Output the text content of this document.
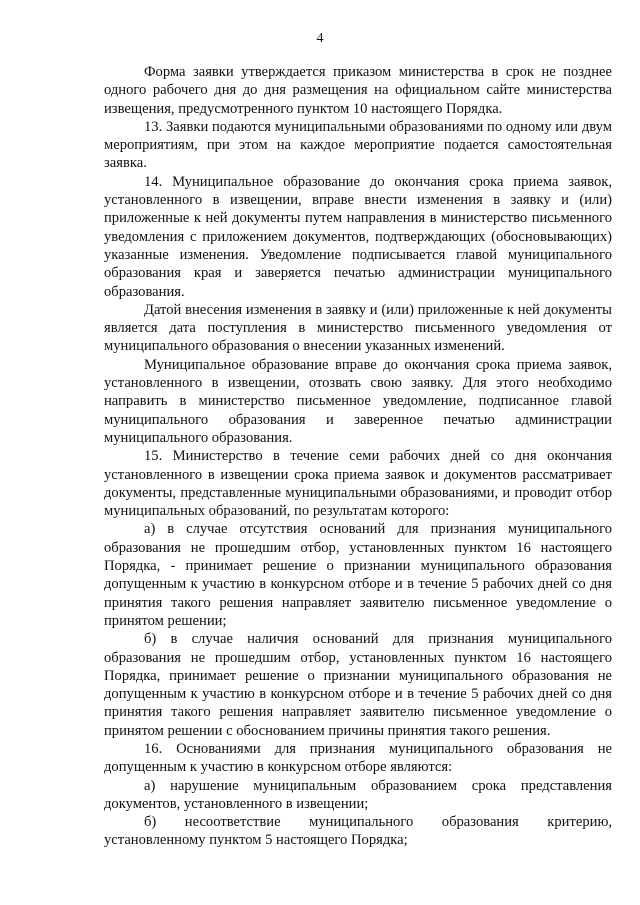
4

Форма заявки утверждается приказом министерства в срок не позднее одного рабочего дня до дня размещения на официальном сайте министерства извещения, предусмотренного пунктом 10 настоящего Порядка.

13. Заявки подаются муниципальными образованиями по одному или двум мероприятиям, при этом на каждое мероприятие подается самостоятельная заявка.

14. Муниципальное образование до окончания срока приема заявок, установленного в извещении, вправе внести изменения в заявку и (или) приложенные к ней документы путем направления в министерство письменного уведомления с приложением документов, подтверждающих (обосновывающих) указанные изменения. Уведомление подписывается главой муниципального образования края и заверяется печатью администрации муниципального образования.

Датой внесения изменения в заявку и (или) приложенные к ней документы является дата поступления в министерство письменного уведомления от муниципального образования о внесении указанных изменений.

Муниципальное образование вправе до окончания срока приема заявок, установленного в извещении, отозвать свою заявку. Для этого необходимо направить в министерство письменное уведомление, подписанное главой муниципального образования и заверенное печатью администрации муниципального образования.

15. Министерство в течение семи рабочих дней со дня окончания установленного в извещении срока приема заявок и документов рассматривает документы, представленные муниципальными образованиями, и проводит отбор муниципальных образований, по результатам которого:

а) в случае отсутствия оснований для признания муниципального образования не прошедшим отбор, установленных пунктом 16 настоящего Порядка, - принимает решение о признании муниципального образования допущенным к участию в конкурсном отборе и в течение 5 рабочих дней со дня принятия такого решения направляет заявителю письменное уведомление о принятом решении;

б) в случае наличия оснований для признания муниципального образования не прошедшим отбор, установленных пунктом 16 настоящего Порядка, принимает решение о признании муниципального образования не допущенным к участию в конкурсном отборе и в течение 5 рабочих дней со дня принятия такого решения направляет заявителю письменное уведомление о принятом решении с обоснованием причины принятия такого решения.

16. Основаниями для признания муниципального образования не допущенным к участию в конкурсном отборе являются:

а) нарушение муниципальным образованием срока представления документов, установленного в извещении;

б) несоответствие муниципального образования критерию, установленному пунктом 5 настоящего Порядка;
